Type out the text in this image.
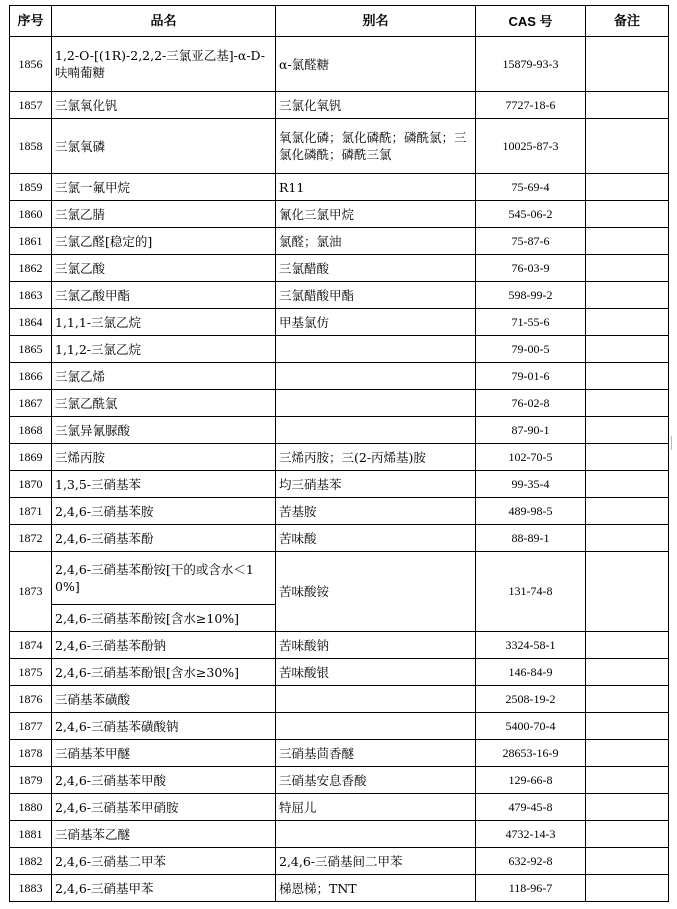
序号	品名	别名	CAS 号	备注
1856	1,2-O-[(1R)-2,2,2-三氯亚乙基]-α-D-呋喃葡糖	α-氯醛糖	15879-93-3	
1857	三氯氧化钒	三氯化氧钒	7727-18-6	
1858	三氯氧磷	氧氯化磷；氯化磷酰；磷酰氯；三氯化磷酰；磷酰三氯	10025-87-3	
1859	三氯一氟甲烷	R11	75-69-4	
1860	三氯乙腈	氰化三氯甲烷	545-06-2	
1861	三氯乙醛[稳定的]	氯醛；氯油	75-87-6	
1862	三氯乙酸	三氯醋酸	76-03-9	
1863	三氯乙酸甲酯	三氯醋酸甲酯	598-99-2	
1864	1,1,1-三氯乙烷	甲基氯仿	71-55-6	
1865	1,1,2-三氯乙烷		79-00-5	
1866	三氯乙烯		79-01-6	
1867	三氯乙酰氯		76-02-8	
1868	三氯异氰脲酸		87-90-1	
1869	三烯丙胺	三烯丙胺；三(2-丙烯基)胺	102-70-5	
1870	1,3,5-三硝基苯	均三硝基苯	99-35-4	
1871	2,4,6-三硝基苯胺	苦基胺	489-98-5	
1872	2,4,6-三硝基苯酚	苦味酸	88-89-1	
1873	2,4,6-三硝基苯酚铵[干的或含水＜10%]	苦味酸铵	131-74-8	
	2,4,6-三硝基苯酚铵[含水≥10%]			
1874	2,4,6-三硝基苯酚钠	苦味酸钠	3324-58-1	
1875	2,4,6-三硝基苯酚银[含水≥30%]	苦味酸银	146-84-9	
1876	三硝基苯磺酸		2508-19-2	
1877	2,4,6-三硝基苯磺酸钠		5400-70-4	
1878	三硝基苯甲醚	三硝基茴香醚	28653-16-9	
1879	2,4,6-三硝基苯甲酸	三硝基安息香酸	129-66-8	
1880	2,4,6-三硝基苯甲硝胺	特屈儿	479-45-8	
1881	三硝基苯乙醚		4732-14-3	
1882	2,4,6-三硝基二甲苯	2,4,6-三硝基间二甲苯	632-92-8	
1883	2,4,6-三硝基甲苯	梯恩梯；TNT	118-96-7	
